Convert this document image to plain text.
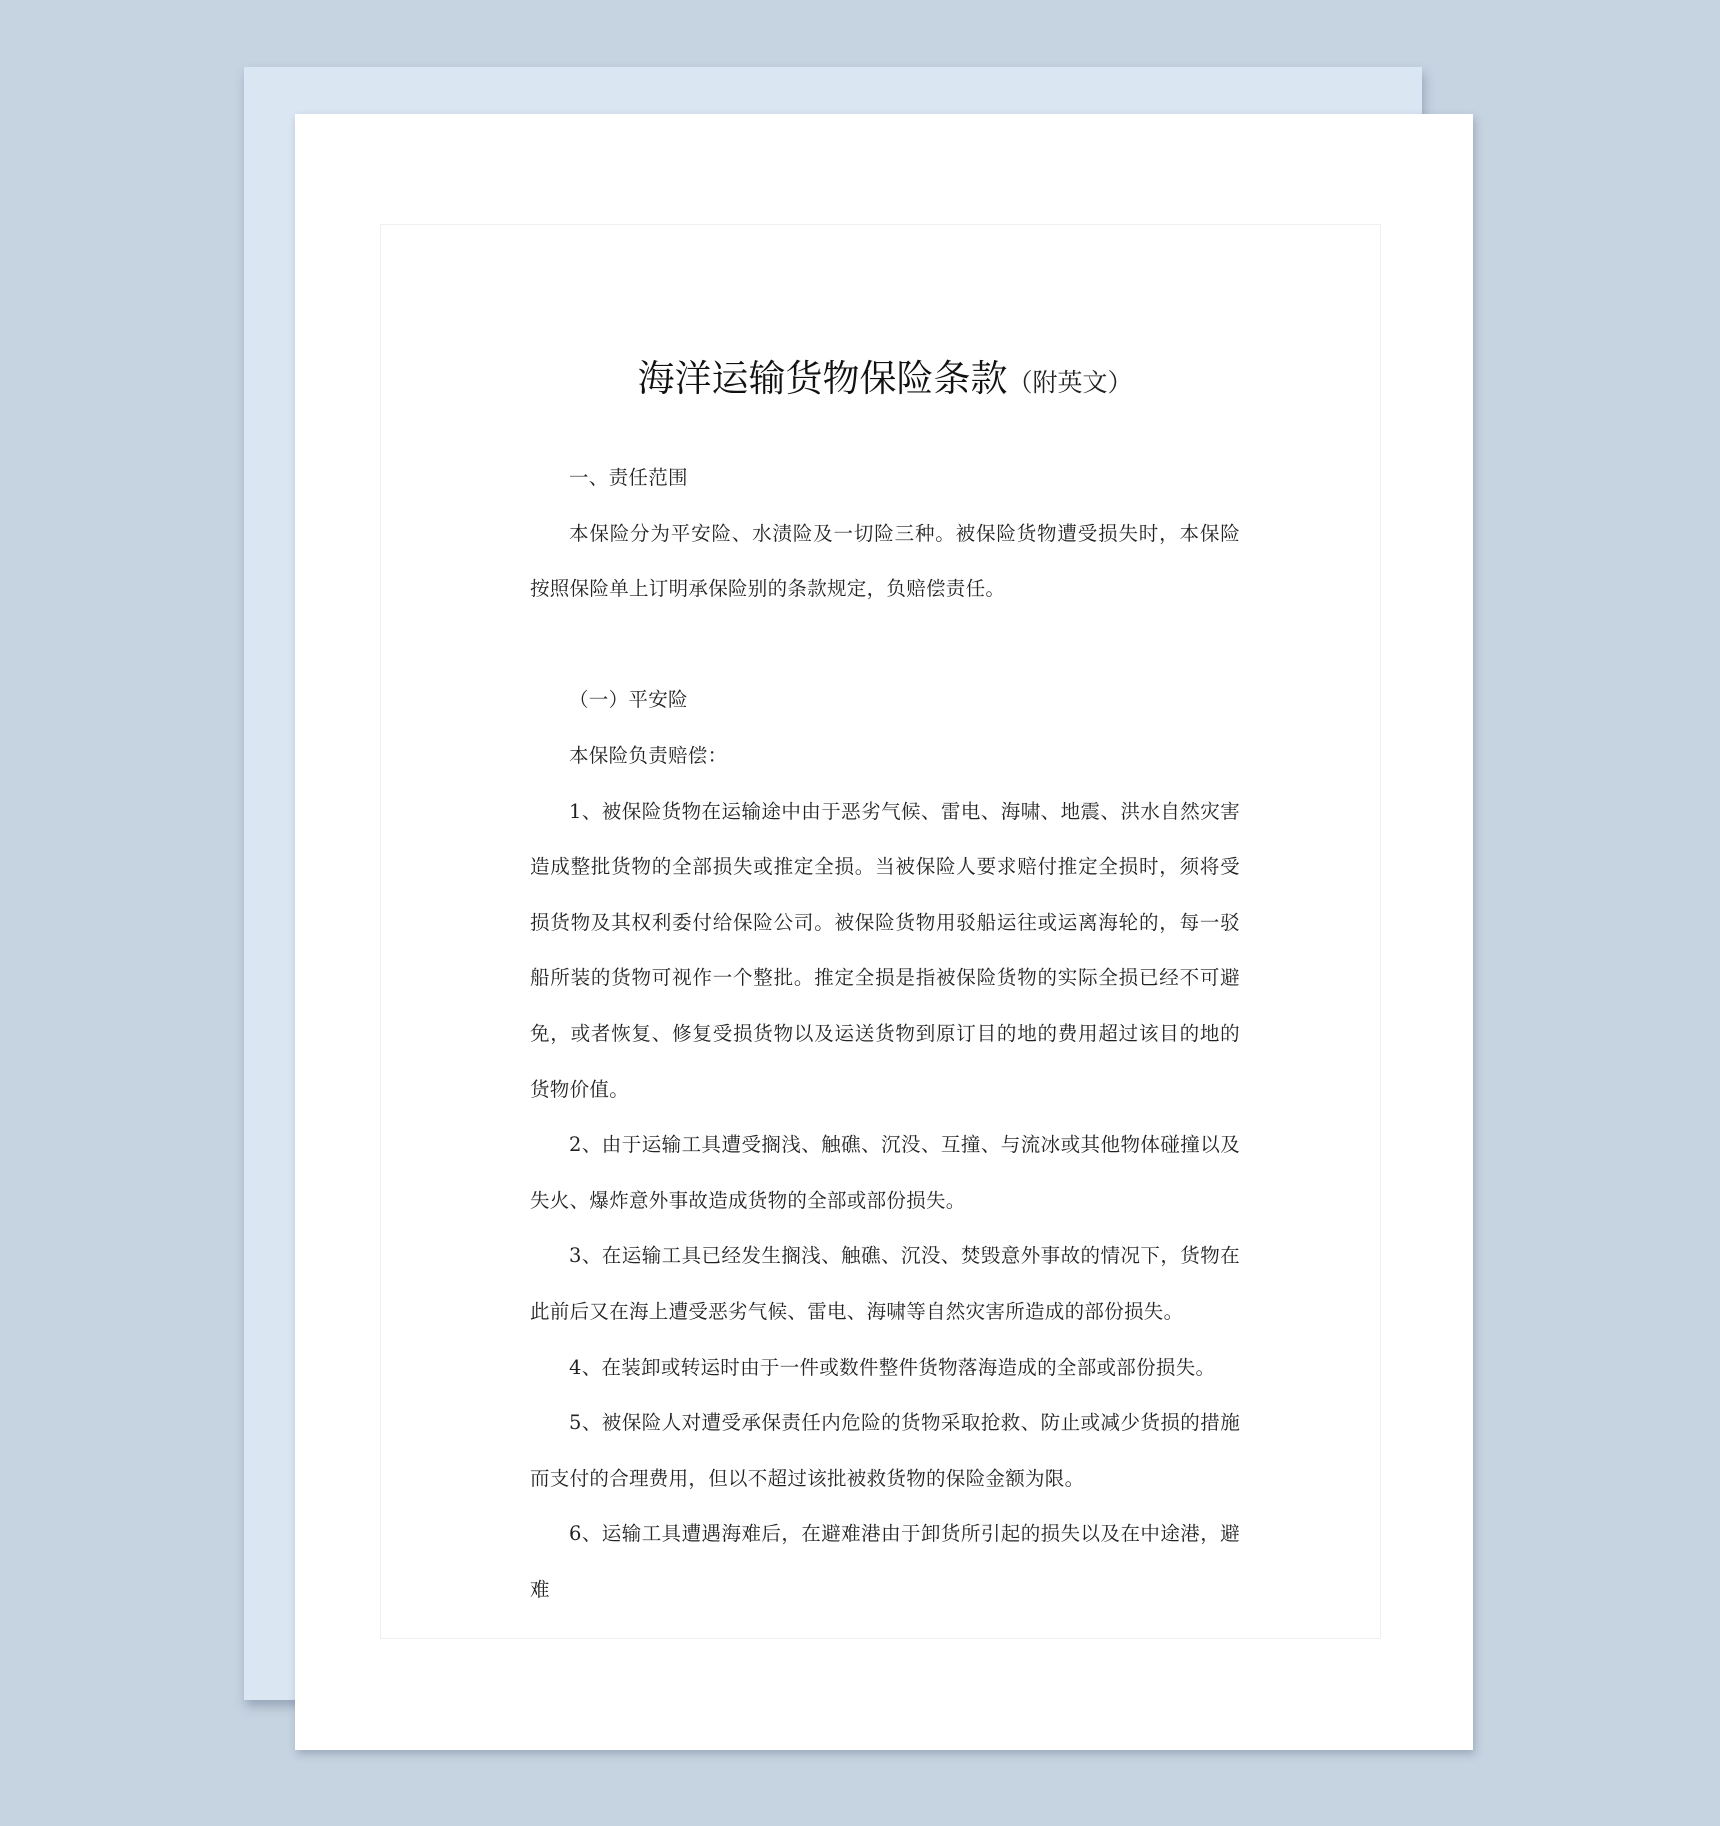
海洋运输货物保险条款（附英文）

一、责任范围

本保险分为平安险、水渍险及一切险三种。被保险货物遭受损失时，本保险按照保险单上订明承保险别的条款规定，负赔偿责任。

（一）平安险

本保险负责赔偿：

1、被保险货物在运输途中由于恶劣气候、雷电、海啸、地震、洪水自然灾害造成整批货物的全部损失或推定全损。当被保险人要求赔付推定全损时，须将受损货物及其权利委付给保险公司。被保险货物用驳船运往或运离海轮的，每一驳船所装的货物可视作一个整批。推定全损是指被保险货物的实际全损已经不可避免，或者恢复、修复受损货物以及运送货物到原订目的地的费用超过该目的地的货物价值。

2、由于运输工具遭受搁浅、触礁、沉没、互撞、与流冰或其他物体碰撞以及失火、爆炸意外事故造成货物的全部或部份损失。

3、在运输工具已经发生搁浅、触礁、沉没、焚毁意外事故的情况下，货物在此前后又在海上遭受恶劣气候、雷电、海啸等自然灾害所造成的部份损失。

4、在装卸或转运时由于一件或数件整件货物落海造成的全部或部份损失。

5、被保险人对遭受承保责任内危险的货物采取抢救、防止或减少货损的措施而支付的合理费用，但以不超过该批被救货物的保险金额为限。

6、运输工具遭遇海难后，在避难港由于卸货所引起的损失以及在中途港，避难
